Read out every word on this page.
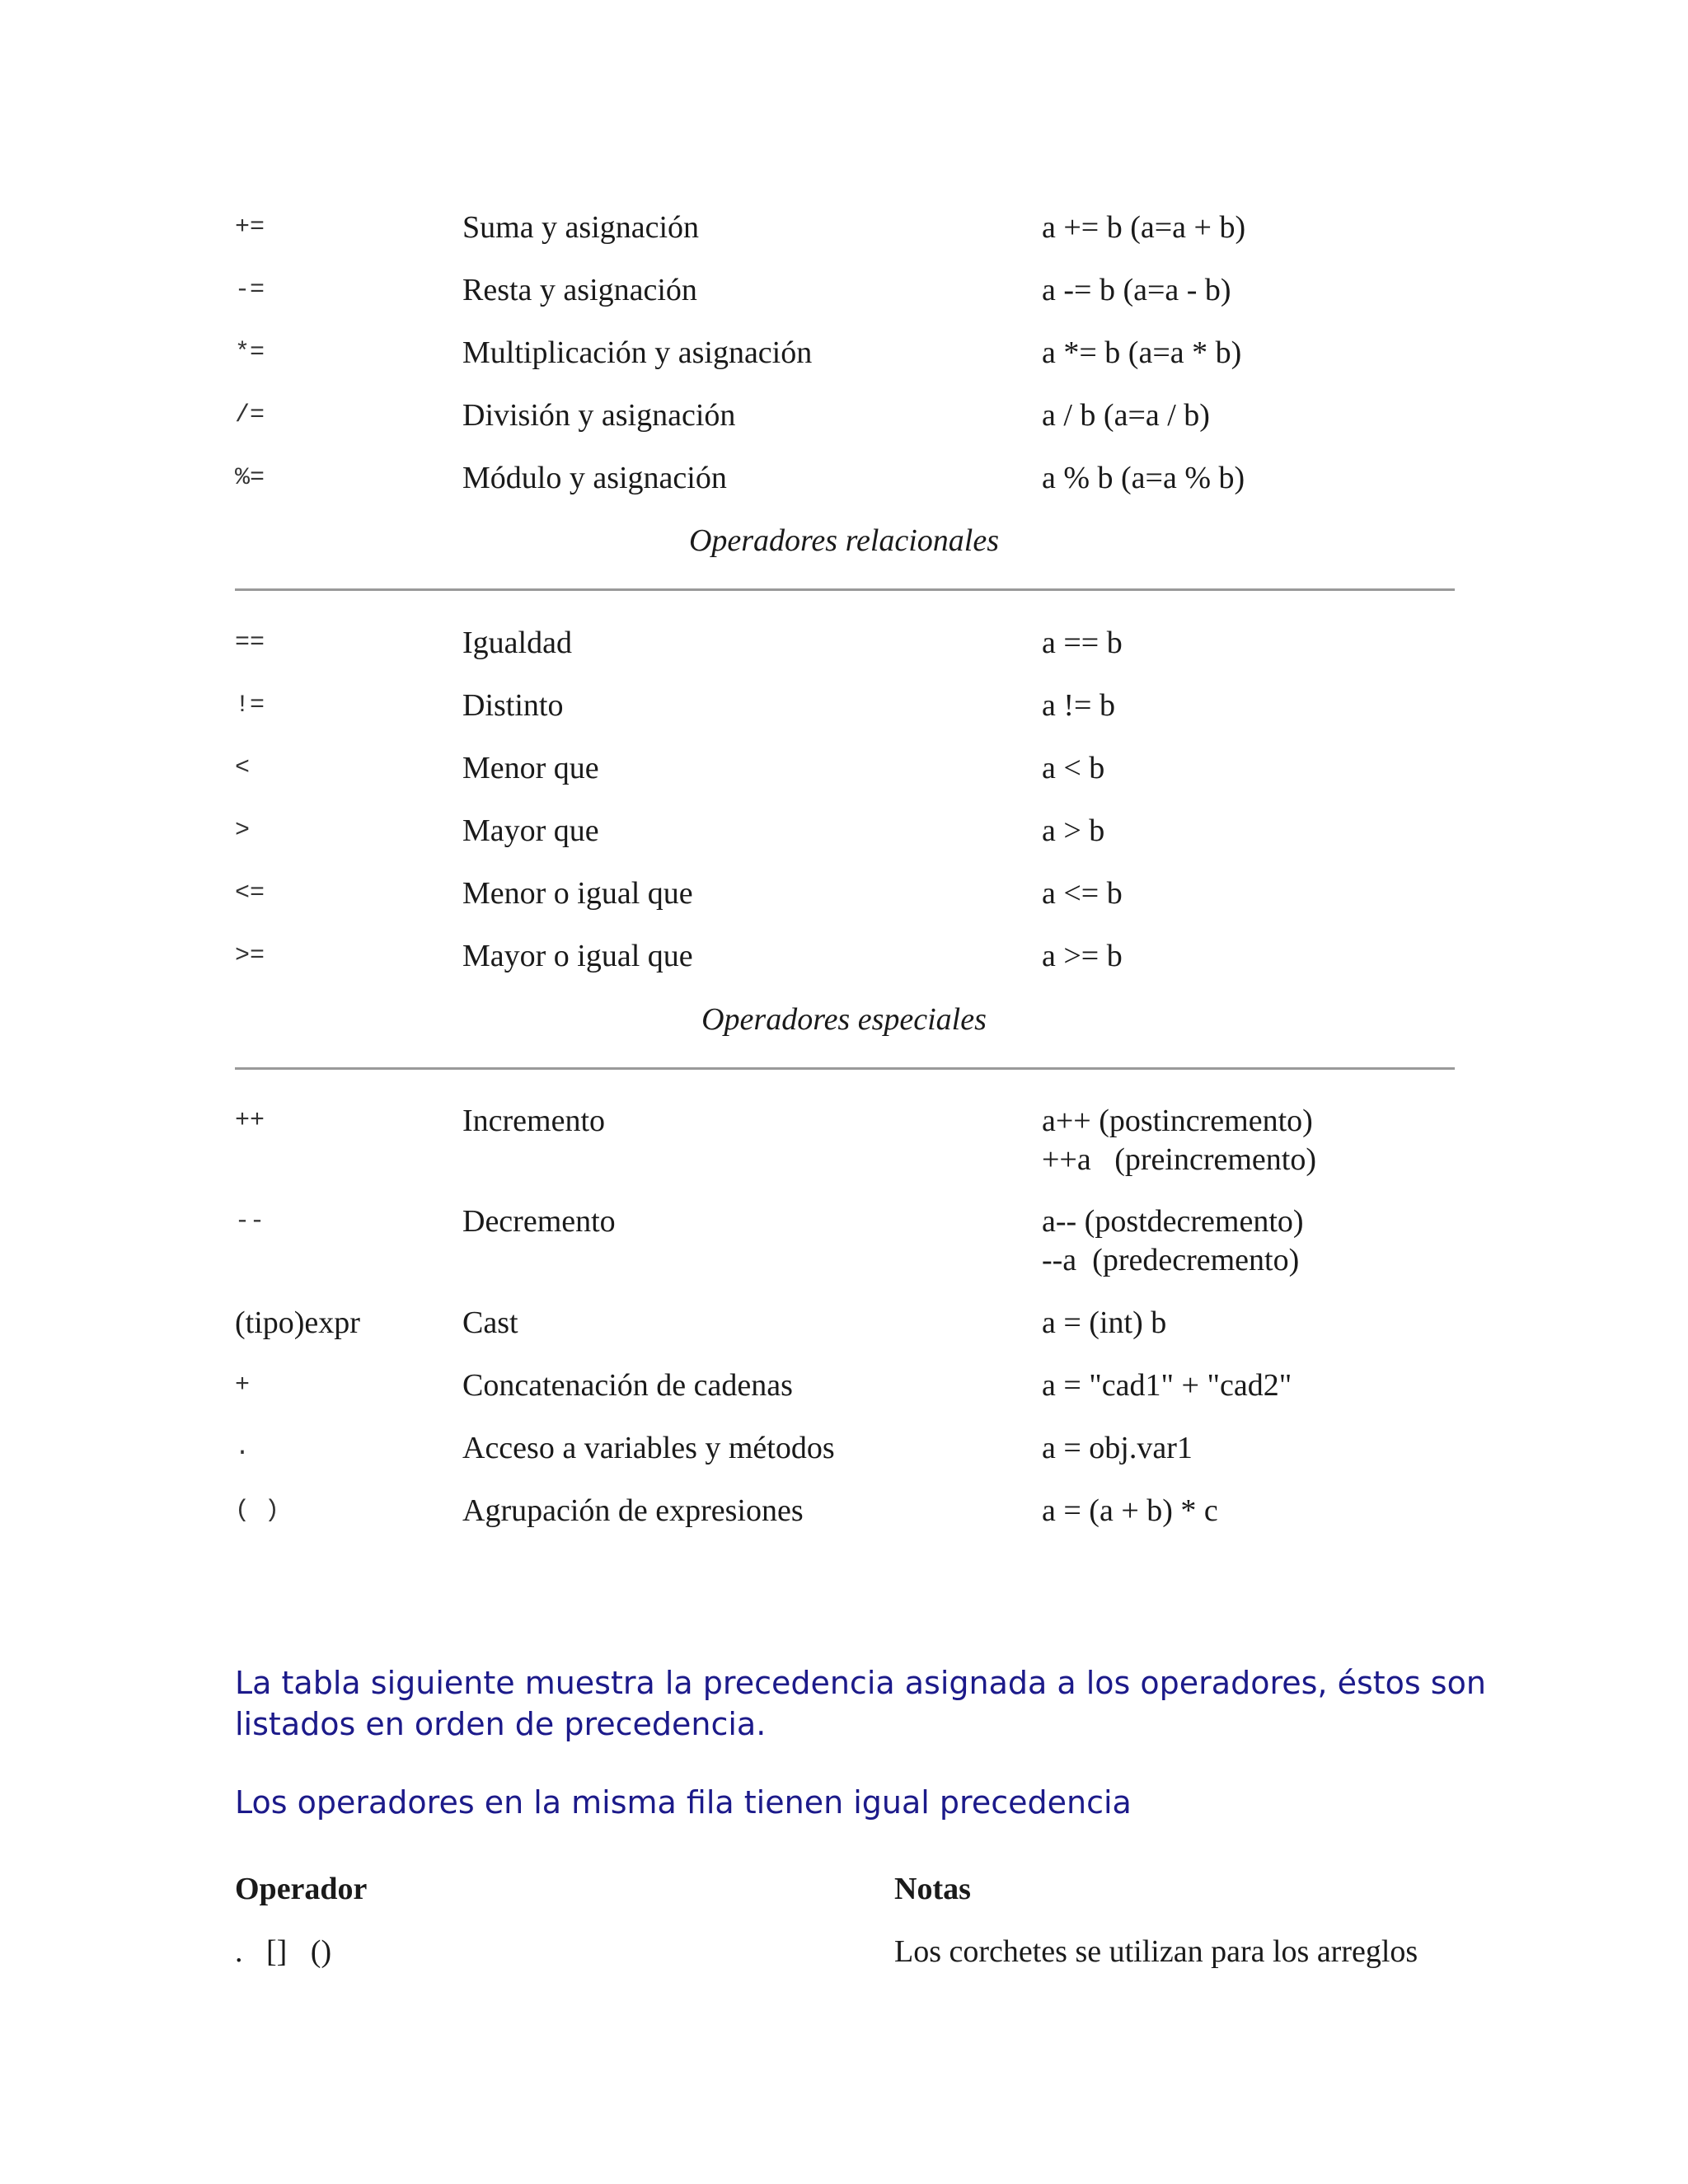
+=	Suma y asignación	a += b (a=a + b)
-=	Resta y asignación	a -= b (a=a - b)
*=	Multiplicación y asignación	a *= b (a=a * b)
/=	División y asignación	a / b (a=a / b)
%=	Módulo y asignación	a % b (a=a % b)
Operadores relacionales
==	Igualdad	a == b
!=	Distinto	a != b
<	Menor que	a < b
>	Mayor que	a > b
<=	Menor o igual que	a <= b
>=	Mayor o igual que	a >= b
Operadores especiales
++	Incremento	a++ (postincremento)
++a   (preincremento)
--	Decremento	a-- (postdecremento)
--a  (predecremento)
(tipo)expr	Cast	a = (int) b
+	Concatenación de cadenas	a = "cad1" + "cad2"
.	Acceso a variables y métodos	a = obj.var1
( )	Agrupación de expresiones	a = (a + b) * c
La tabla siguiente muestra la precedencia asignada a los operadores, éstos son listados en orden de precedencia.
Los operadores en la misma fila tienen igual precedencia
Operador	Notas
.   []   ()	Los corchetes se utilizan para los arreglos
